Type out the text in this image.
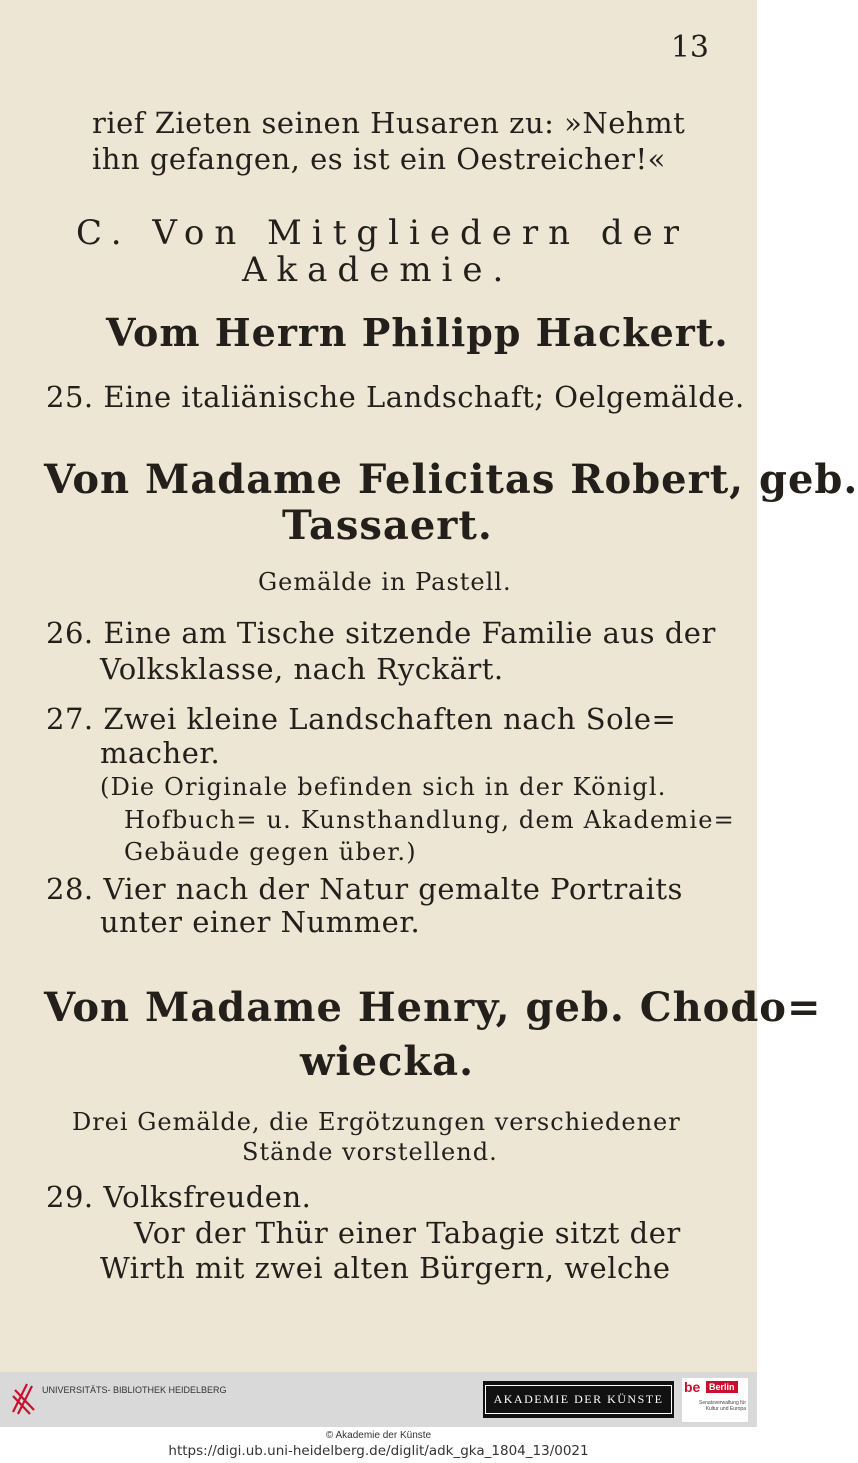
13
rief Zieten seinen Husaren zu: »Nehmt
ihn gefangen, es ist ein Oestreicher!«
C. Von Mitgliedern der
Akademie.
Vom Herrn Philipp Hackert.
25. Eine italiänische Landschaft; Oelgemälde.
Von Madame Felicitas Robert, geb.
Tassaert.
Gemälde in Pastell.
26. Eine am Tische sitzende Familie aus der
Volksklasse, nach Ryckärt.
27. Zwei kleine Landschaften nach Sole=
macher.
(Die Originale befinden sich in der Königl.
Hofbuch= u. Kunsthandlung, dem Akademie=
Gebäude gegen über.)
28. Vier nach der Natur gemalte Portraits
unter einer Nummer.
Von Madame Henry, geb. Chodo=
wiecka.
Drei Gemälde, die Ergötzungen verschiedener
Stände vorstellend.
29. Volksfreuden.
Vor der Thür einer Tabagie sitzt der
Wirth mit zwei alten Bürgern, welche
UNIVERSITÄTS- BIBLIOTHEK HEIDELBERG
AKADEMIE DER KÜNSTE
be Berlin
Senatsverwaltung für Kultur und Europa
© Akademie der Künste
https://digi.ub.uni-heidelberg.de/diglit/adk_gka_1804_13/0021
